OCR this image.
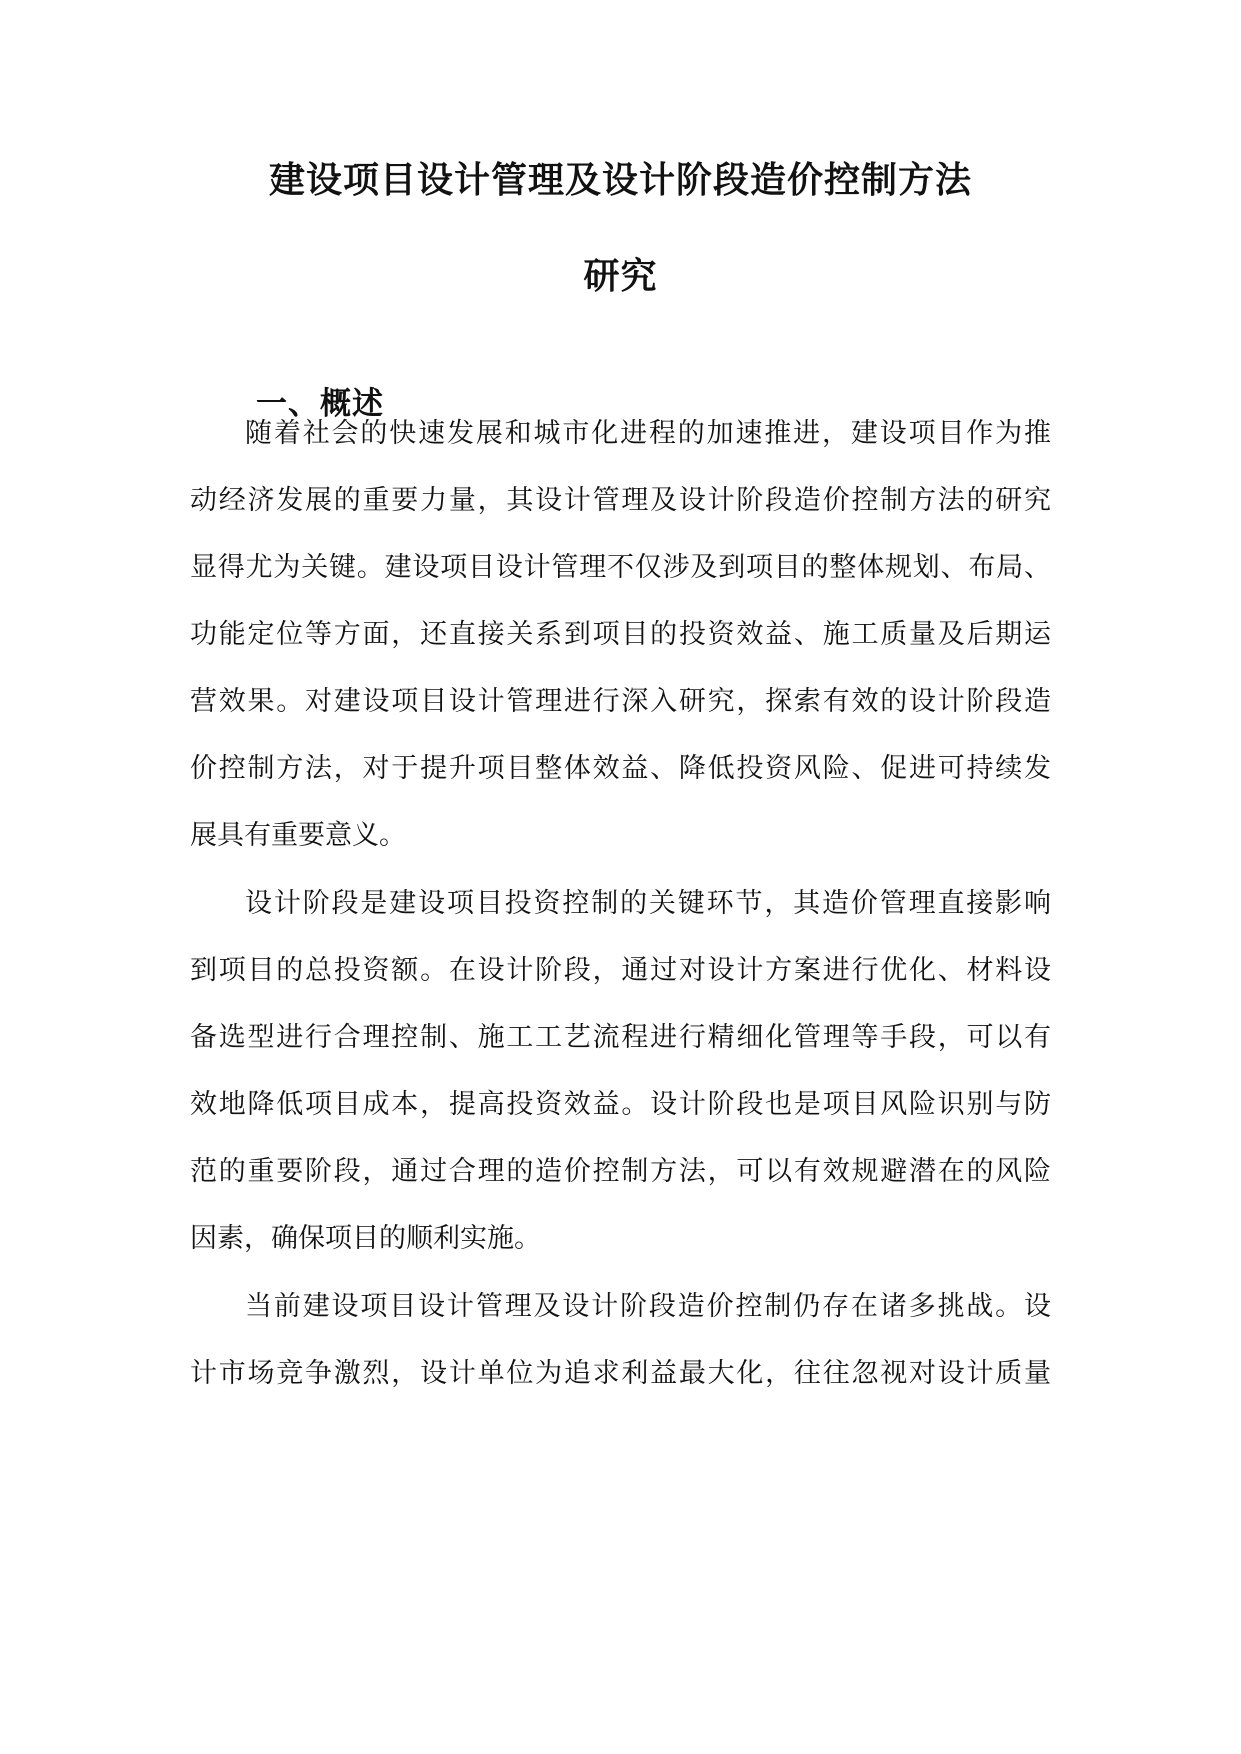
建设项目设计管理及设计阶段造价控制方法
研究
一、概述
随着社会的快速发展和城市化进程的加速推进，建设项目作为推
动经济发展的重要力量，其设计管理及设计阶段造价控制方法的研究
显得尤为关键。建设项目设计管理不仅涉及到项目的整体规划、布局、
功能定位等方面，还直接关系到项目的投资效益、施工质量及后期运
营效果。对建设项目设计管理进行深入研究，探索有效的设计阶段造
价控制方法，对于提升项目整体效益、降低投资风险、促进可持续发
展具有重要意义。
设计阶段是建设项目投资控制的关键环节，其造价管理直接影响
到项目的总投资额。在设计阶段，通过对设计方案进行优化、材料设
备选型进行合理控制、施工工艺流程进行精细化管理等手段，可以有
效地降低项目成本，提高投资效益。设计阶段也是项目风险识别与防
范的重要阶段，通过合理的造价控制方法，可以有效规避潜在的风险
因素，确保项目的顺利实施。
当前建设项目设计管理及设计阶段造价控制仍存在诸多挑战。设
计市场竞争激烈，设计单位为追求利益最大化，往往忽视对设计质量
